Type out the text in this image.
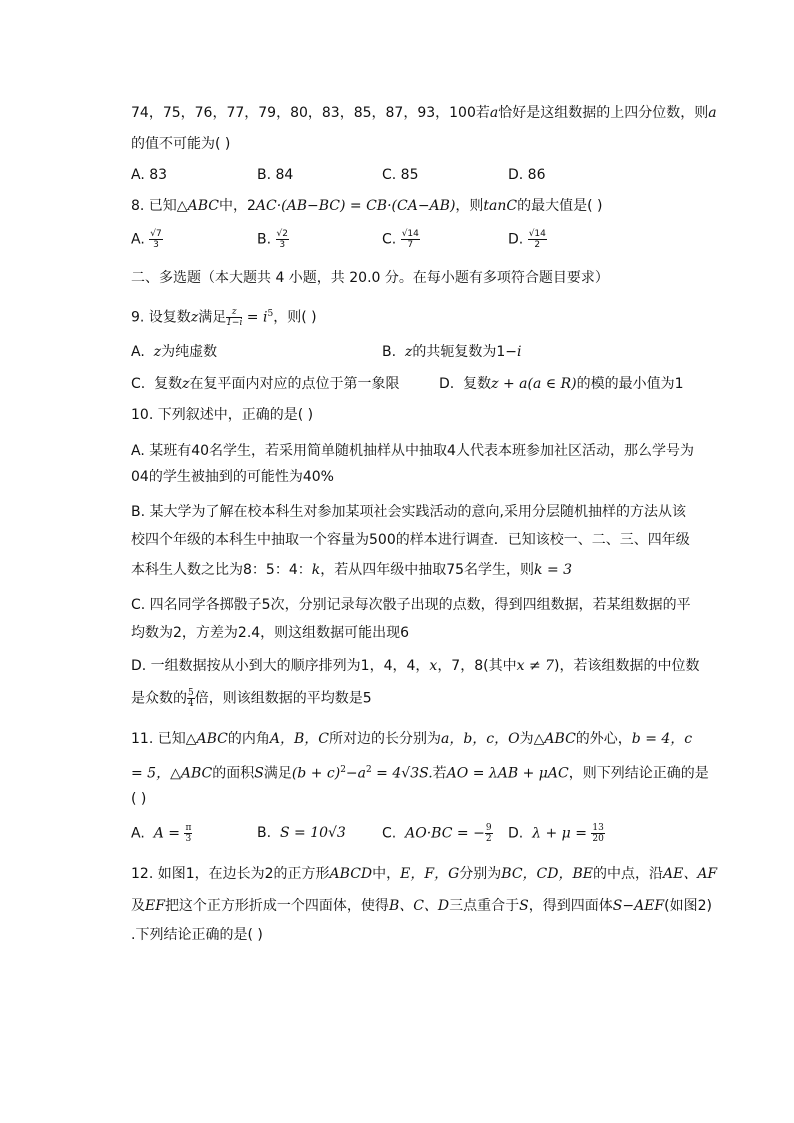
74，75，76，77，79，80，83，85，87，93，100若a恰好是这组数据的上四分位数，则a
的值不可能为( )
A. 83	B. 84	C. 85	D. 86
8. 已知△ABC中，2AC·(AB−BC) = CB·(CA−AB)，则tanC的最大值是( )
A. $\frac{√7}{3}$	B. $\frac{√2}{3}$	C. $\frac{√14}{7}$	D. $\frac{√14}{2}$
二、多选题（本大题共 4 小题，共 20.0 分。在每小题有多项符合题目要求）
9. 设复数z满足 $\frac{z}{1-i} = i^5$，则( )
A. z为纯虚数	B. z的共轭复数为1−i
C. 复数z在复平面内对应的点位于第一象限	D. 复数z + a(a ∈ R)的模的最小值为1
10. 下列叙述中，正确的是( )
A. 某班有40名学生，若采用简单随机抽样从中抽取4人代表本班参加社区活动，那么学号为
04的学生被抽到的可能性为40%
B. 某大学为了解在校本科生对参加某项社会实践活动的意向,采用分层随机抽样的方法从该
校四个年级的本科生中抽取一个容量为500的样本进行调查．已知该校一、二、三、四年级
本科生人数之比为8：5：4：k，若从四年级中抽取75名学生，则k = 3
C. 四名同学各掷骰子5次，分别记录每次骰子出现的点数，得到四组数据，若某组数据的平
均数为2，方差为2.4，则这组数据可能出现6
D. 一组数据按从小到大的顺序排列为1，4，4，x，7，8(其中x ≠ 7)，若该组数据的中位数
是众数的 $\frac{5}{4}$ 倍，则该组数据的平均数是5
11. 已知△ABC的内角A，B，C所对边的长分别为a，b，c，O为△ABC的外心，b = 4，c
= 5，△ABC的面积S满足$(b + c)^2-a^2 = 4√3S$.若AO = λAB + μAC，则下列结论正确的是
( )
A. $A = \frac{\pi}{3}$	B. S = 10√3	C. AO·BC = − $\frac{9}{2} D$. $\lambda + \mu = \frac{13}{20}$
12. 如图1，在边长为2的正方形ABCD中，E，F，G分别为BC，CD，BE的中点，沿AE、AF
及EF把这个正方形折成一个四面体，使得B、C、D三点重合于S，得到四面体S−AEF(如图2)
.下列结论正确的是( )
